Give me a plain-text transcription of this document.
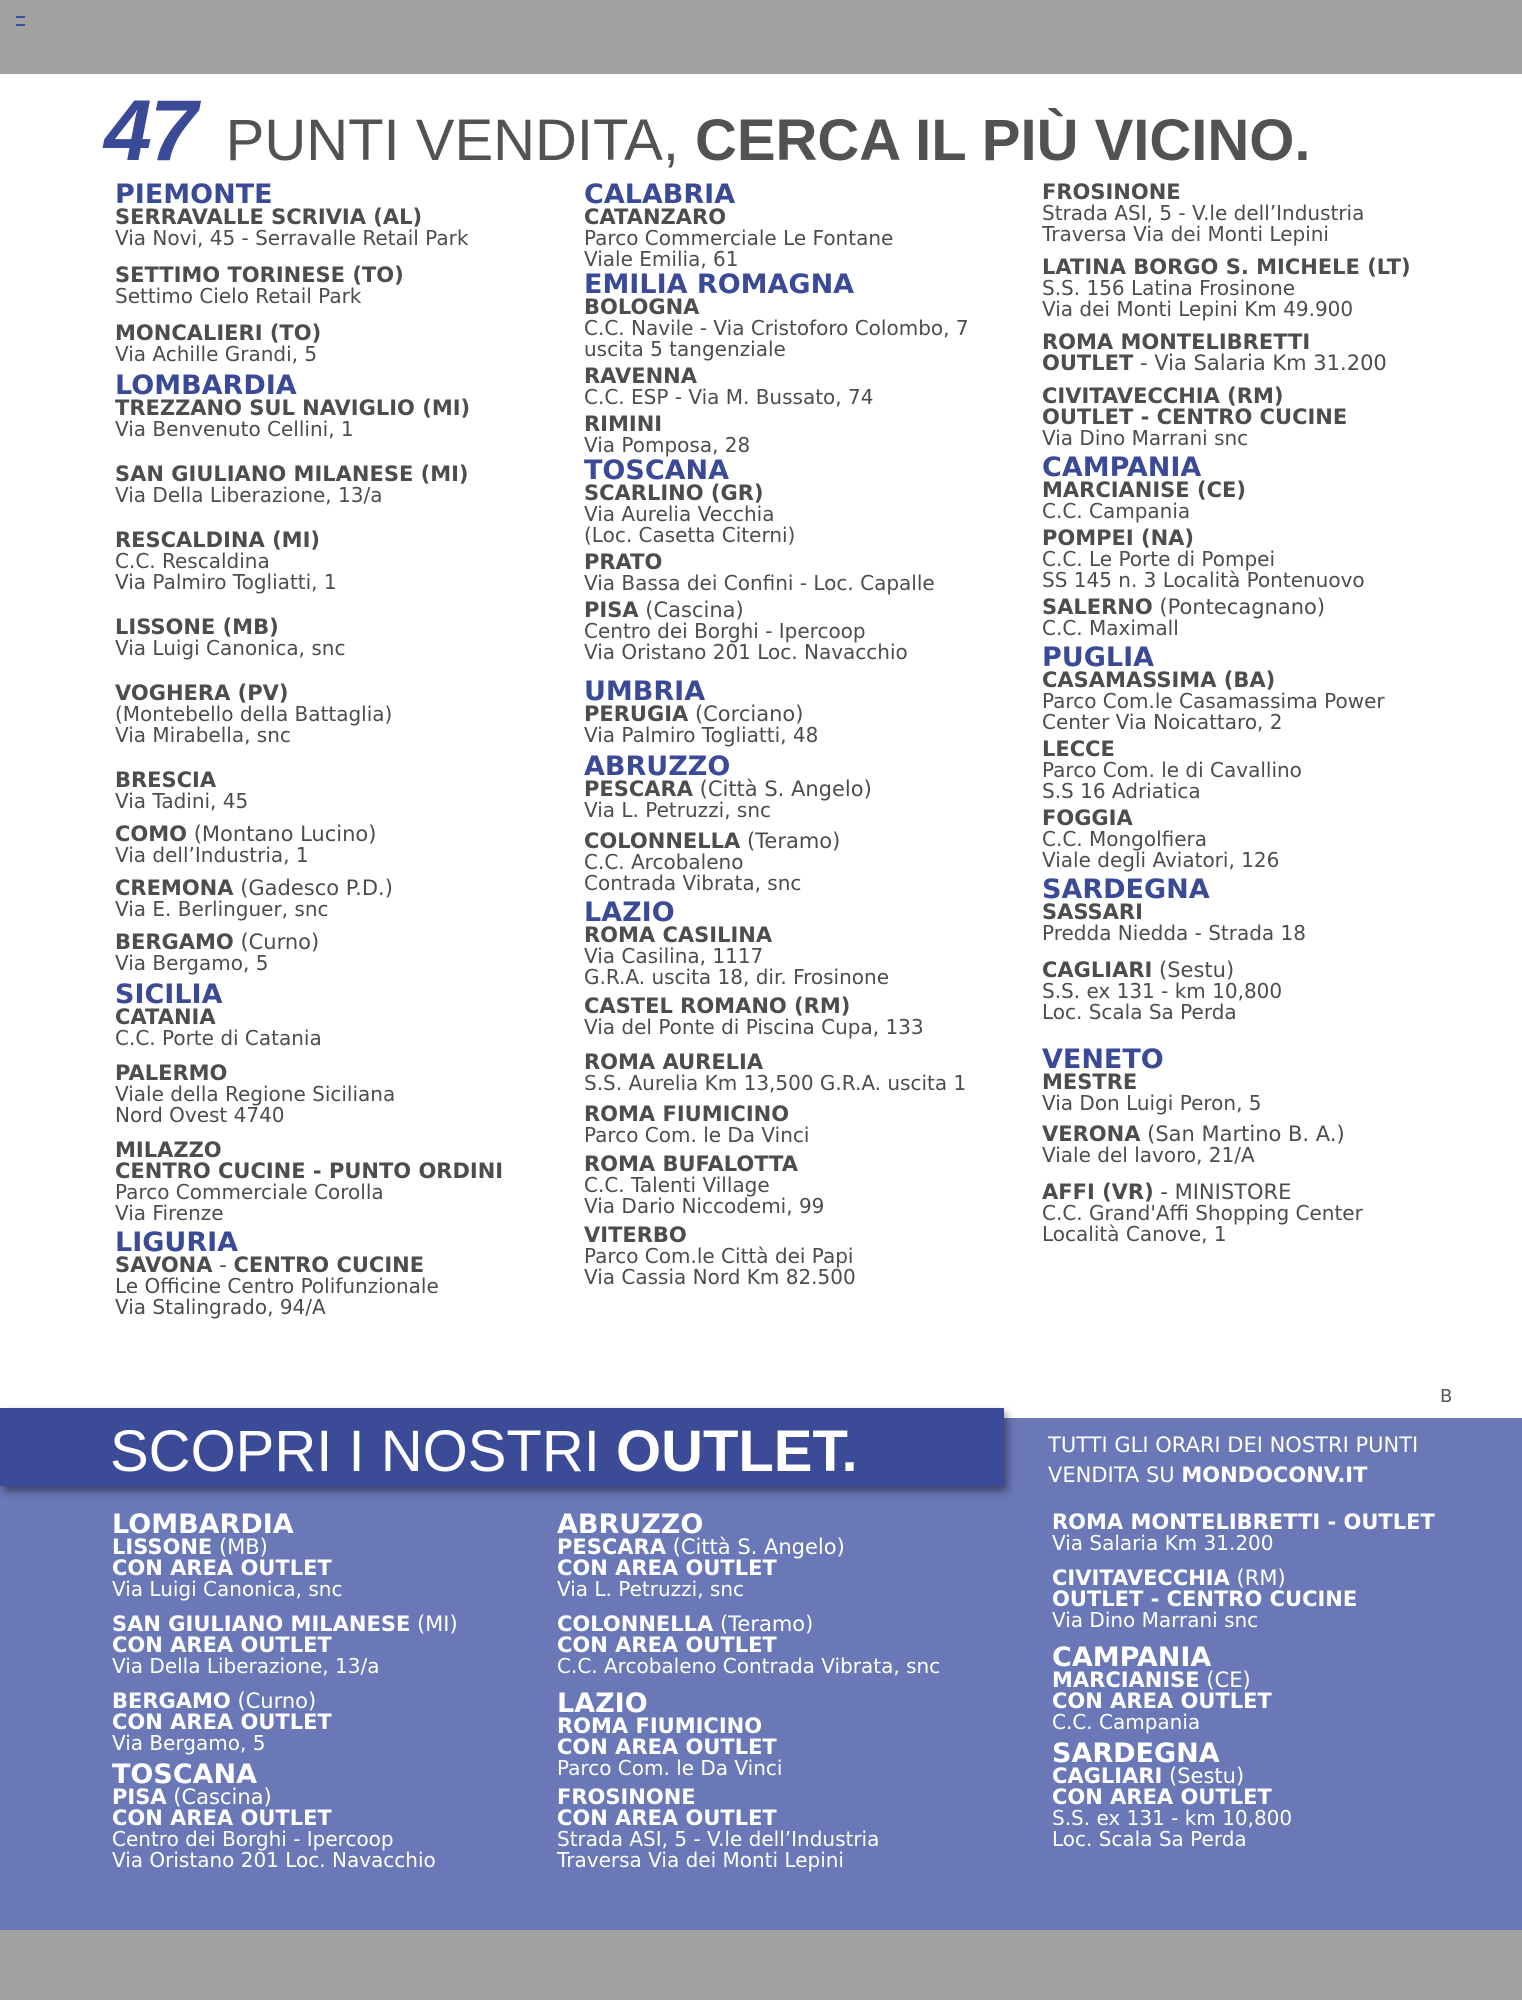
47 PUNTI VENDITA, CERCA IL PIÙ VICINO.
PIEMONTE
SERRAVALLE SCRIVIA (AL)
Via Novi, 45 - Serravalle Retail Park
SETTIMO TORINESE (TO)
Settimo Cielo Retail Park
MONCALIERI (TO)
Via Achille Grandi, 5
LOMBARDIA
TREZZANO SUL NAVIGLIO (MI)
Via Benvenuto Cellini, 1
SAN GIULIANO MILANESE (MI)
Via Della Liberazione, 13/a
RESCALDINA (MI)
C.C. Rescaldina
Via Palmiro Togliatti, 1
LISSONE (MB)
Via Luigi Canonica, snc
VOGHERA (PV)
(Montebello della Battaglia)
Via Mirabella, snc
BRESCIA
Via Tadini, 45
COMO (Montano Lucino)
Via dell’Industria, 1
CREMONA (Gadesco P.D.)
Via E. Berlinguer, snc
BERGAMO (Curno)
Via Bergamo, 5
SICILIA
CATANIA
C.C. Porte di Catania
PALERMO
Viale della Regione Siciliana
Nord Ovest 4740
MILAZZO
CENTRO CUCINE - PUNTO ORDINI
Parco Commerciale Corolla
Via Firenze
LIGURIA
SAVONA - CENTRO CUCINE
Le Officine Centro Polifunzionale
Via Stalingrado, 94/A
CALABRIA
CATANZARO
Parco Commerciale Le Fontane
Viale Emilia, 61
EMILIA ROMAGNA
BOLOGNA
C.C. Navile - Via Cristoforo Colombo, 7
uscita 5 tangenziale
RAVENNA
C.C. ESP - Via M. Bussato, 74
RIMINI
Via Pomposa, 28
TOSCANA
SCARLINO (GR)
Via Aurelia Vecchia
(Loc. Casetta Citerni)
PRATO
Via Bassa dei Confini - Loc. Capalle
PISA (Cascina)
Centro dei Borghi - Ipercoop
Via Oristano 201 Loc. Navacchio
UMBRIA
PERUGIA (Corciano)
Via Palmiro Togliatti, 48
ABRUZZO
PESCARA (Città S. Angelo)
Via L. Petruzzi, snc
COLONNELLA (Teramo)
C.C. Arcobaleno
Contrada Vibrata, snc
LAZIO
ROMA CASILINA
Via Casilina, 1117
G.R.A. uscita 18, dir. Frosinone
CASTEL ROMANO (RM)
Via del Ponte di Piscina Cupa, 133
ROMA AURELIA
S.S. Aurelia Km 13,500 G.R.A. uscita 1
ROMA FIUMICINO
Parco Com. le Da Vinci
ROMA BUFALOTTA
C.C. Talenti Village
Via Dario Niccodemi, 99
VITERBO
Parco Com.le Città dei Papi
Via Cassia Nord Km 82.500
FROSINONE
Strada ASI, 5 - V.le dell’Industria
Traversa Via dei Monti Lepini
LATINA BORGO S. MICHELE (LT)
S.S. 156 Latina Frosinone
Via dei Monti Lepini Km 49.900
ROMA MONTELIBRETTI
OUTLET - Via Salaria Km 31.200
CIVITAVECCHIA (RM)
OUTLET - CENTRO CUCINE
Via Dino Marrani snc
CAMPANIA
MARCIANISE (CE)
C.C. Campania
POMPEI (NA)
C.C. Le Porte di Pompei
SS 145 n. 3 Località Pontenuovo
SALERNO (Pontecagnano)
C.C. Maximall
PUGLIA
CASAMASSIMA (BA)
Parco Com.le Casamassima Power
Center Via Noicattaro, 2
LECCE
Parco Com. le di Cavallino
S.S 16 Adriatica
FOGGIA
C.C. Mongolfiera
Viale degli Aviatori, 126
SARDEGNA
SASSARI
Predda Niedda - Strada 18
CAGLIARI (Sestu)
S.S. ex 131 - km 10,800
Loc. Scala Sa Perda
VENETO
MESTRE
Via Don Luigi Peron, 5
VERONA (San Martino B. A.)
Viale del lavoro, 21/A
AFFI (VR) - MINISTORE
C.C. Grand'Affi Shopping Center
Località Canove, 1
B
SCOPRI I NOSTRI OUTLET.	TUTTI GLI ORARI DEI NOSTRI PUNTI
VENDITA SU MONDOCONV.IT
LOMBARDIA
LISSONE (MB)
CON AREA OUTLET
Via Luigi Canonica, snc
SAN GIULIANO MILANESE (MI)
CON AREA OUTLET
Via Della Liberazione, 13/a
BERGAMO (Curno)
CON AREA OUTLET
Via Bergamo, 5
TOSCANA
PISA (Cascina)
CON AREA OUTLET
Centro dei Borghi - Ipercoop
Via Oristano 201 Loc. Navacchio
ABRUZZO
PESCARA (Città S. Angelo)
CON AREA OUTLET
Via L. Petruzzi, snc
COLONNELLA (Teramo)
CON AREA OUTLET
C.C. Arcobaleno Contrada Vibrata, snc
LAZIO
ROMA FIUMICINO
CON AREA OUTLET
Parco Com. le Da Vinci
FROSINONE
CON AREA OUTLET
Strada ASI, 5 - V.le dell’Industria
Traversa Via dei Monti Lepini
ROMA MONTELIBRETTI - OUTLET
Via Salaria Km 31.200
CIVITAVECCHIA (RM)
OUTLET - CENTRO CUCINE
Via Dino Marrani snc
CAMPANIA
MARCIANISE (CE)
CON AREA OUTLET
C.C. Campania
SARDEGNA
CAGLIARI (Sestu)
CON AREA OUTLET
S.S. ex 131 - km 10,800
Loc. Scala Sa Perda
